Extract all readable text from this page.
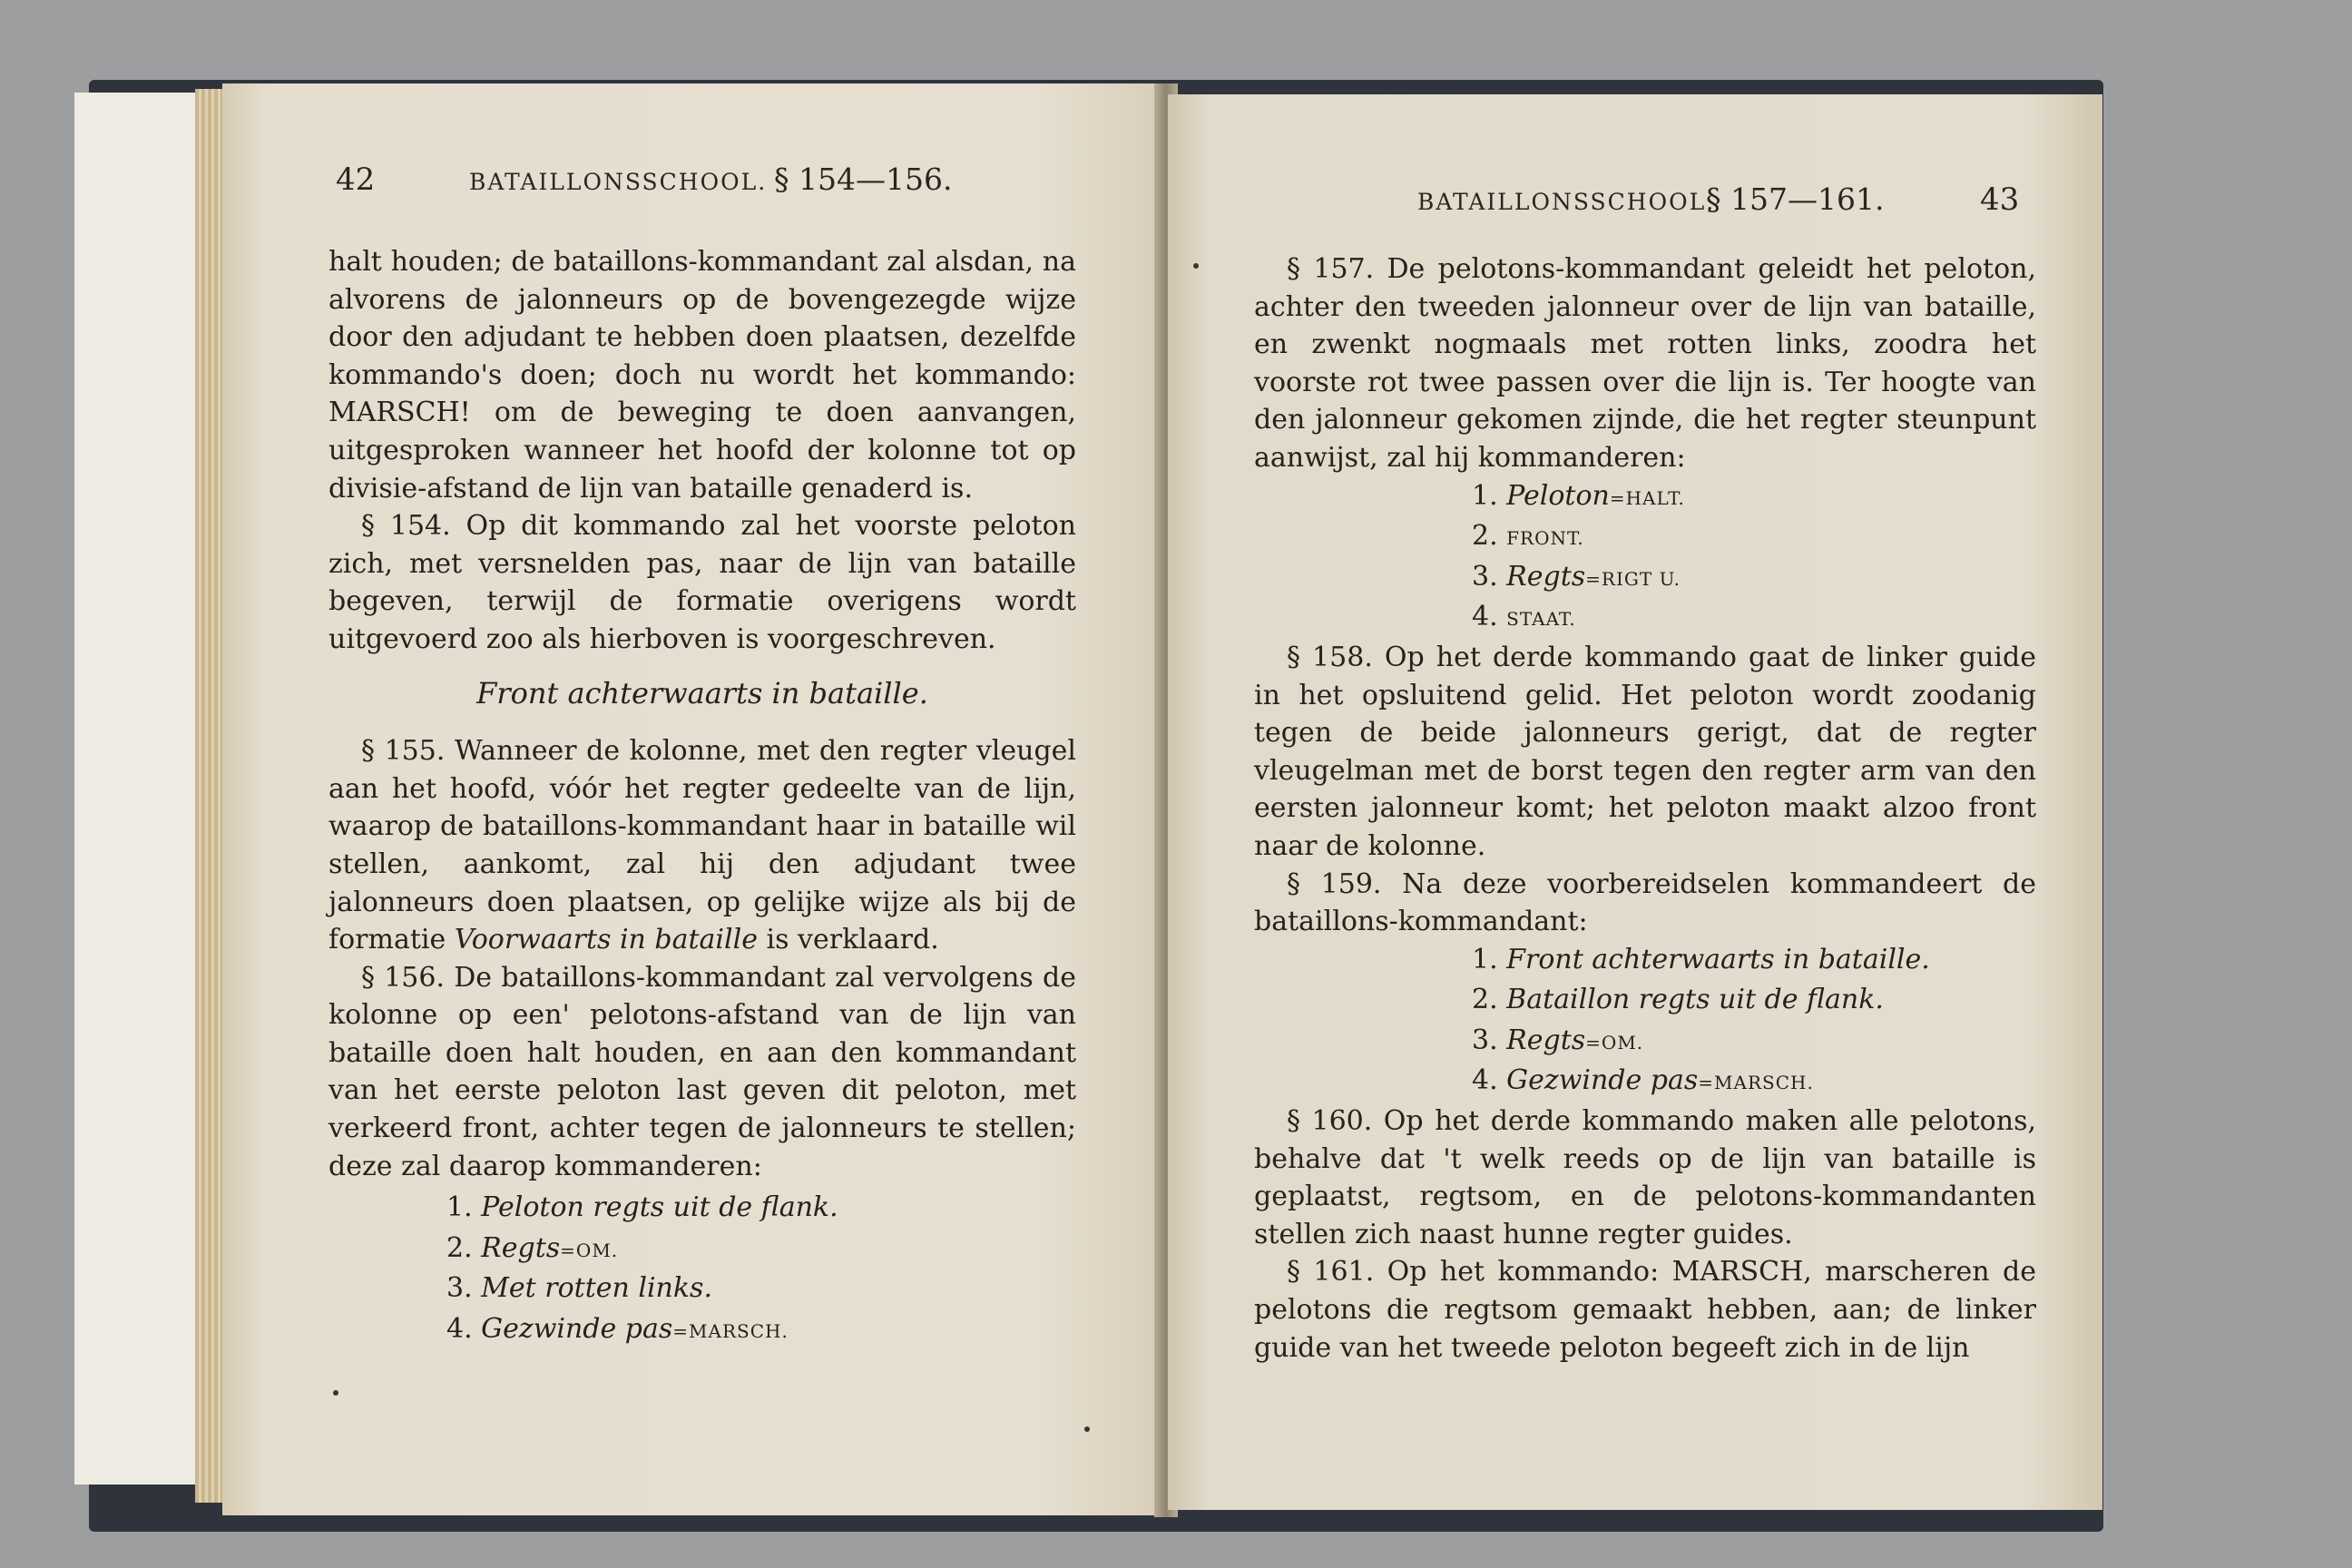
42	BATAILLONSSCHOOL. § 154—156.

halt houden; de bataillons-kommandant zal alsdan, na alvorens de jalonneurs op de bovengezegde wijze door den adjudant te hebben doen plaatsen, dezelfde kommando's doen; doch nu wordt het kommando: MARSCH! om de beweging te doen aanvangen, uitgesproken wanneer het hoofd der kolonne tot op divisie-afstand de lijn van bataille genaderd is.

§ 154. Op dit kommando zal het voorste peloton zich, met versnelden pas, naar de lijn van bataille begeven, terwijl de formatie overigens wordt uitgevoerd zoo als hierboven is voorgeschreven.

Front achterwaarts in bataille.

§ 155. Wanneer de kolonne, met den regter vleugel aan het hoofd, vóór het regter gedeelte van de lijn, waarop de bataillons-kommandant haar in bataille wil stellen, aankomt, zal hij den adjudant twee jalonneurs doen plaatsen, op gelijke wijze als bij de formatie Voorwaarts in bataille is verklaard.

§ 156. De bataillons-kommandant zal vervolgens de kolonne op een' pelotons-afstand van de lijn van bataille doen halt houden, en aan den kommandant van het eerste peloton last geven dit peloton, met verkeerd front, achter tegen de jalonneurs te stellen; deze zal daarop kommanderen:

1. Peloton regts uit de flank.
2. Regts=OM.
3. Met rotten links.
4. Gezwinde pas=MARSCH.
BATAILLONSSCHOOL.
§ 157—161.	43

§ 157. De pelotons-kommandant geleidt het peloton, achter den tweeden jalonneur over de lijn van bataille, en zwenkt nogmaals met rotten links, zoodra het voorste rot twee passen over die lijn is. Ter hoogte van den jalonneur gekomen zijnde, die het regter steunpunt aanwijst, zal hij kommanderen:

1. Peloton=HALT.
2. FRONT.
3. Regts=RIGT U.
4. STAAT.

§ 158. Op het derde kommando gaat de linker guide in het opsluitend gelid. Het peloton wordt zoodanig tegen de beide jalonneurs gerigt, dat de regter vleugelman met de borst tegen den regter arm van den eersten jalonneur komt; het peloton maakt alzoo front naar de kolonne.

§ 159. Na deze voorbereidselen kommandeert de bataillons-kommandant:

1. Front achterwaarts in bataille.
2. Bataillon regts uit de flank.
3. Regts=OM.
4. Gezwinde pas=MARSCH.

§ 160. Op het derde kommando maken alle pelotons, behalve dat 't welk reeds op de lijn van bataille is geplaatst, regtsom, en de pelotons-kommandanten stellen zich naast hunne regter guides.

§ 161. Op het kommando: MARSCH, marscheren de pelotons die regtsom gemaakt hebben, aan; de linker guide van het tweede peloton begeeft zich in de lijn
